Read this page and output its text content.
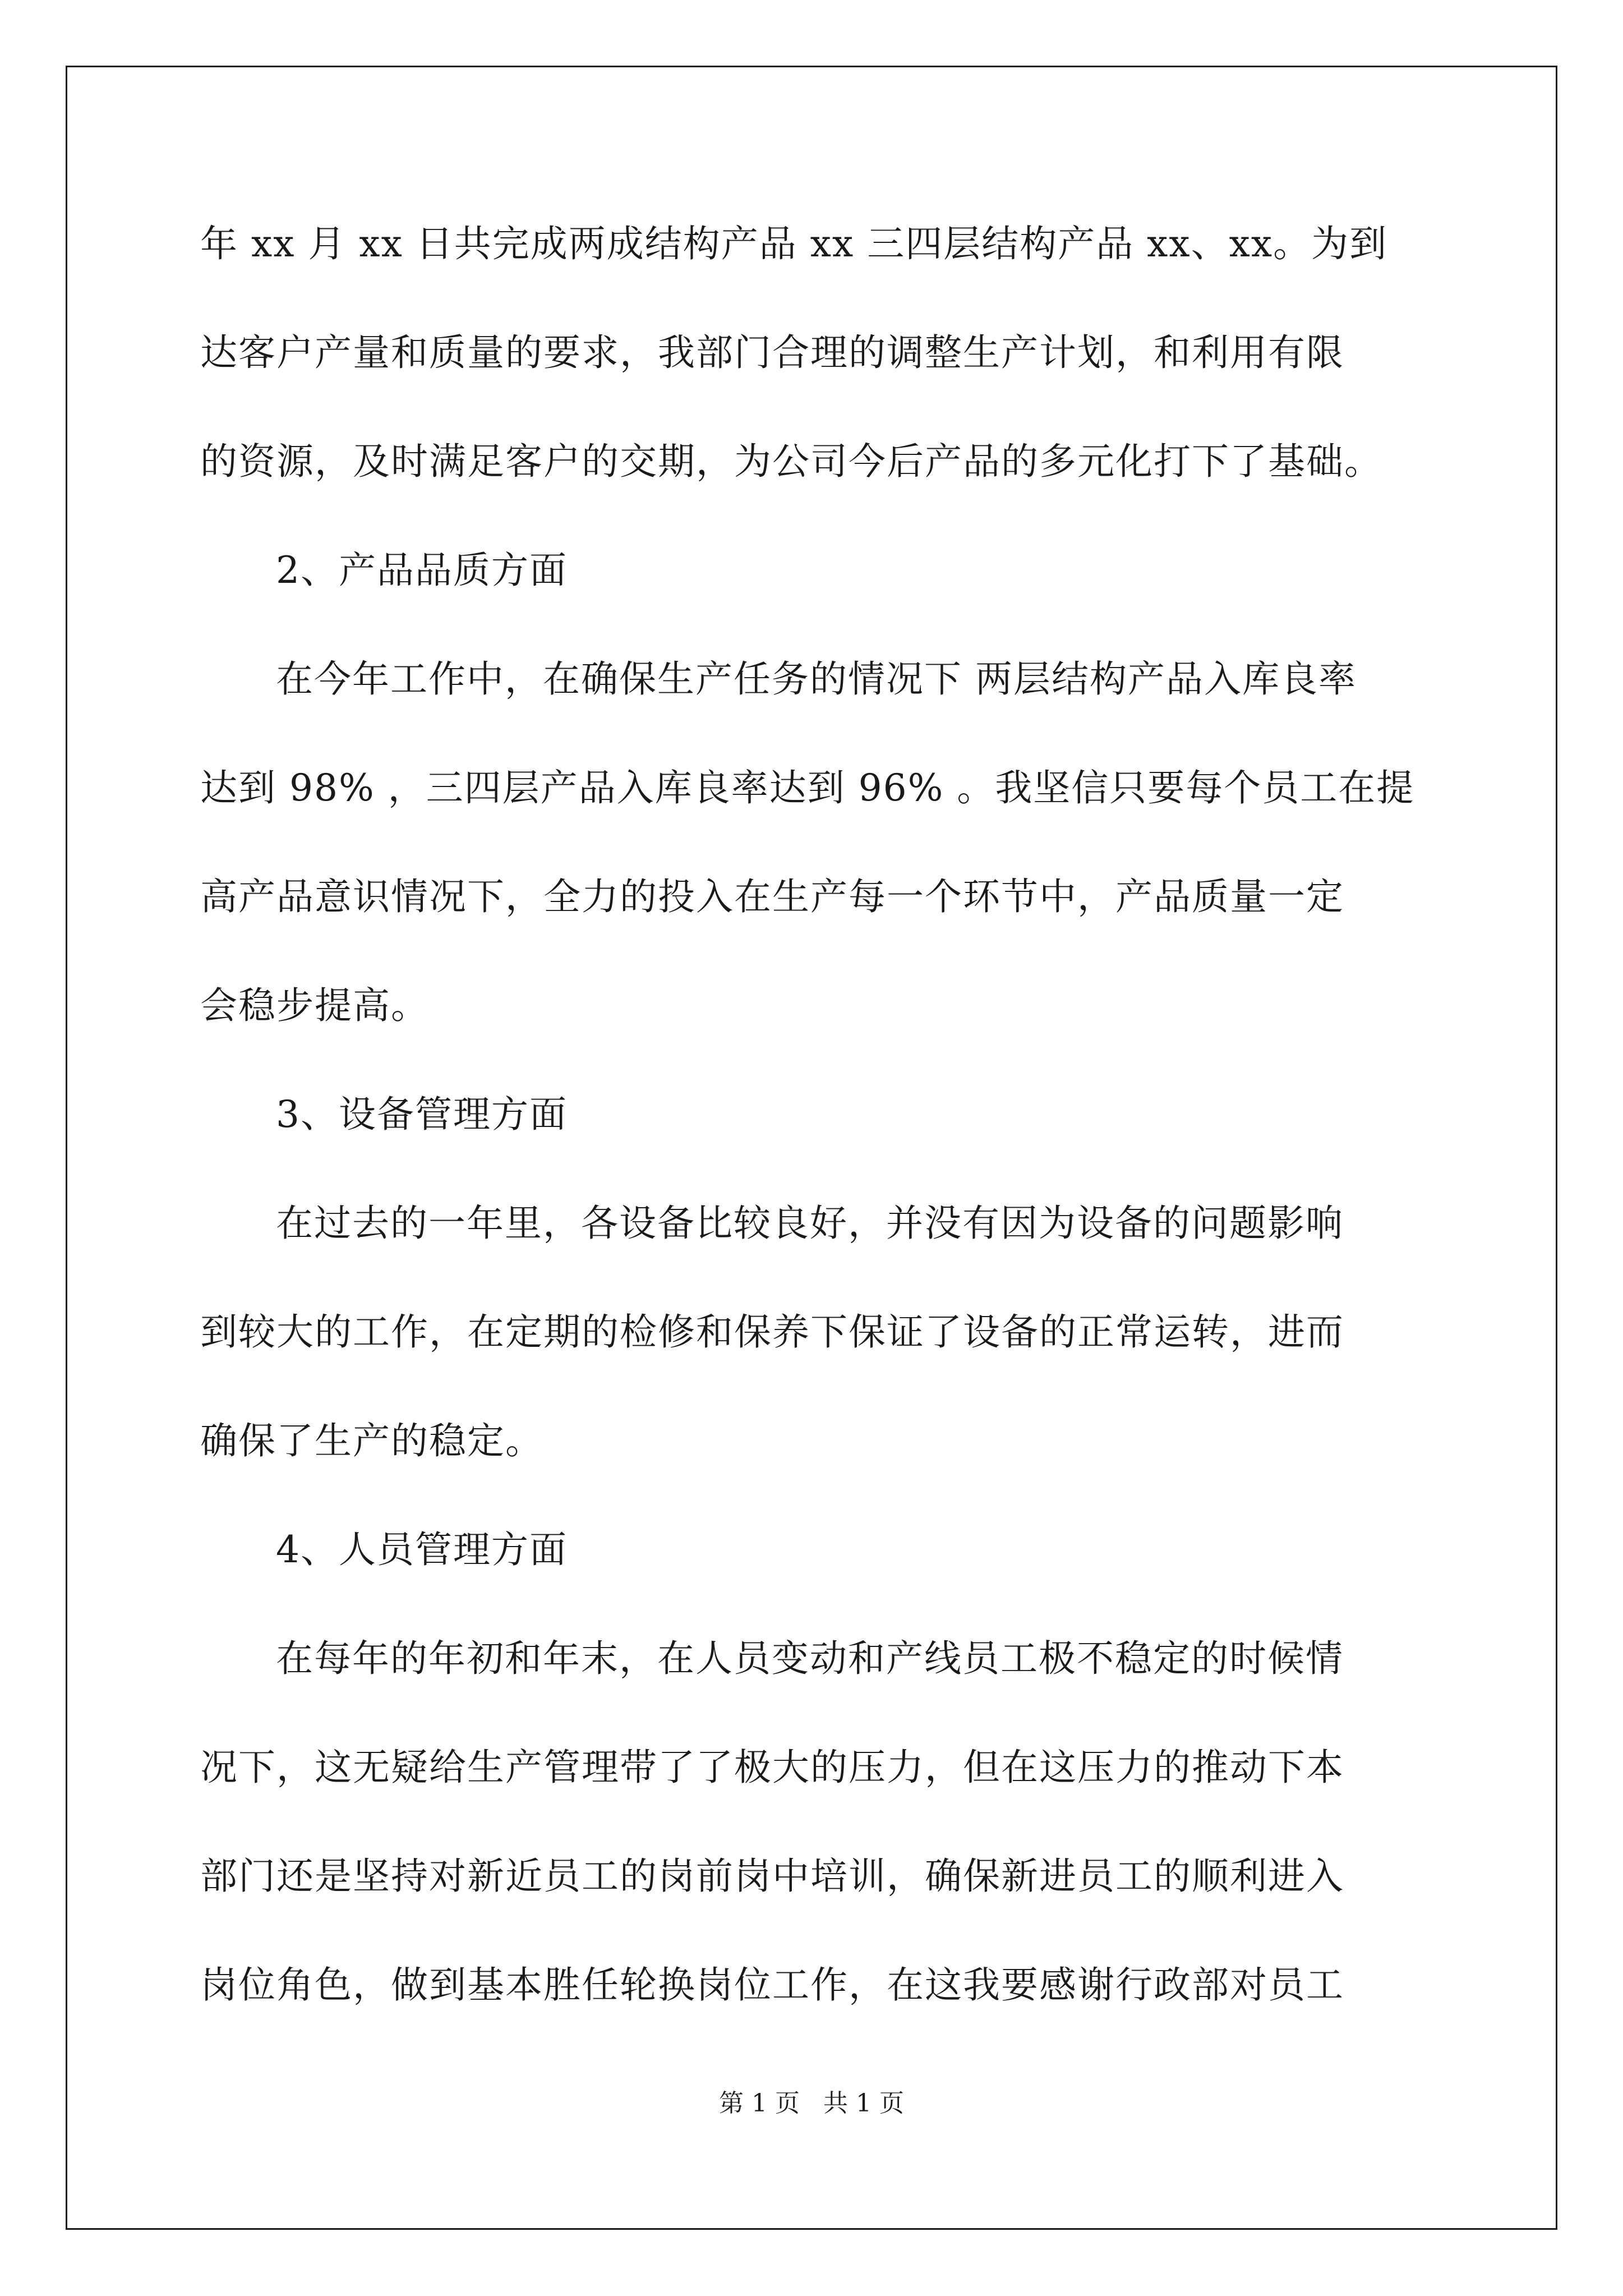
年 xx 月 xx 日共完成两成结构产品 xx 三四层结构产品 xx、xx。为到
达客户产量和质量的要求，我部门合理的调整生产计划，和利用有限
的资源，及时满足客户的交期，为公司今后产品的多元化打下了基础。
2、产品品质方面
在今年工作中，在确保生产任务的情况下 两层结构产品入库良率
达到 98% ，三四层产品入库良率达到 96% 。我坚信只要每个员工在提
高产品意识情况下，全力的投入在生产每一个环节中，产品质量一定
会稳步提高。
3、设备管理方面
在过去的一年里，各设备比较良好，并没有因为设备的问题影响
到较大的工作，在定期的检修和保养下保证了设备的正常运转，进而
确保了生产的稳定。
4、人员管理方面
在每年的年初和年末，在人员变动和产线员工极不稳定的时候情
况下，这无疑给生产管理带了了极大的压力，但在这压力的推动下本
部门还是坚持对新近员工的岗前岗中培训，确保新进员工的顺利进入
岗位角色，做到基本胜任轮换岗位工作，在这我要感谢行政部对员工
第 1 页 共 1 页
